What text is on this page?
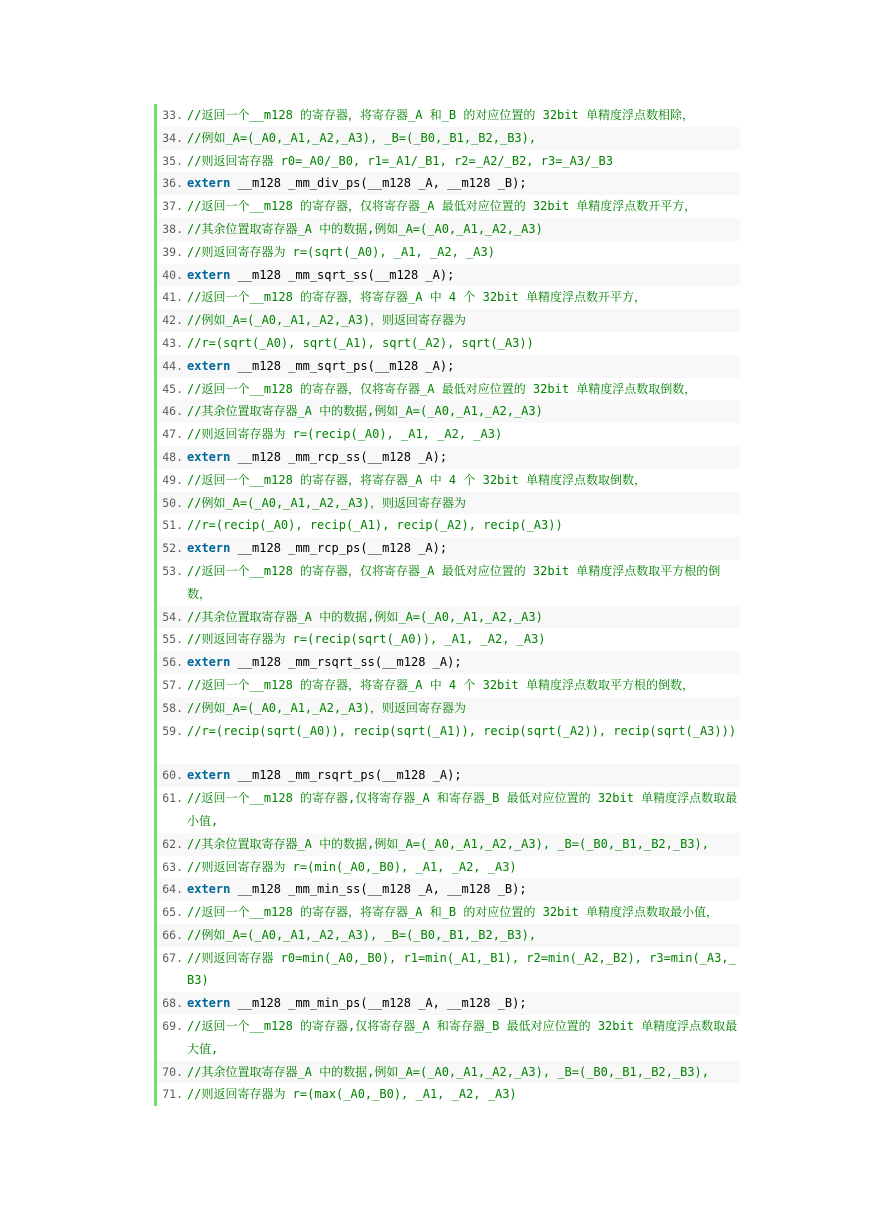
33. //返回一个__m128 的寄存器，将寄存器_A 和_B 的对应位置的 32bit 单精度浮点数相除，
34. //例如_A=(_A0,_A1,_A2,_A3), _B=(_B0,_B1,_B2,_B3),
35. //则返回寄存器 r0=_A0/_B0, r1=_A1/_B1, r2=_A2/_B2, r3=_A3/_B3
36. extern __m128 _mm_div_ps(__m128 _A, __m128 _B);
37. //返回一个__m128 的寄存器，仅将寄存器_A 最低对应位置的 32bit 单精度浮点数开平方，
38. //其余位置取寄存器_A 中的数据,例如_A=(_A0,_A1,_A2,_A3)
39. //则返回寄存器为 r=(sqrt(_A0), _A1, _A2, _A3)
40. extern __m128 _mm_sqrt_ss(__m128 _A);
41. //返回一个__m128 的寄存器，将寄存器_A 中 4 个 32bit 单精度浮点数开平方，
42. //例如_A=(_A0,_A1,_A2,_A3)，则返回寄存器为
43. //r=(sqrt(_A0), sqrt(_A1), sqrt(_A2), sqrt(_A3))
44. extern __m128 _mm_sqrt_ps(__m128 _A);
45. //返回一个__m128 的寄存器，仅将寄存器_A 最低对应位置的 32bit 单精度浮点数取倒数，
46. //其余位置取寄存器_A 中的数据,例如_A=(_A0,_A1,_A2,_A3)
47. //则返回寄存器为 r=(recip(_A0), _A1, _A2, _A3)
48. extern __m128 _mm_rcp_ss(__m128 _A);
49. //返回一个__m128 的寄存器，将寄存器_A 中 4 个 32bit 单精度浮点数取倒数，
50. //例如_A=(_A0,_A1,_A2,_A3)，则返回寄存器为
51. //r=(recip(_A0), recip(_A1), recip(_A2), recip(_A3))
52. extern __m128 _mm_rcp_ps(__m128 _A);
53. //返回一个__m128 的寄存器，仅将寄存器_A 最低对应位置的 32bit 单精度浮点数取平方根的倒数，
54. //其余位置取寄存器_A 中的数据,例如_A=(_A0,_A1,_A2,_A3)
55. //则返回寄存器为 r=(recip(sqrt(_A0)), _A1, _A2, _A3)
56. extern __m128 _mm_rsqrt_ss(__m128 _A);
57. //返回一个__m128 的寄存器，将寄存器_A 中 4 个 32bit 单精度浮点数取平方根的倒数，
58. //例如_A=(_A0,_A1,_A2,_A3)，则返回寄存器为
59. //r=(recip(sqrt(_A0)), recip(sqrt(_A1)), recip(sqrt(_A2)), recip(sqrt(_A3)))
60. extern __m128 _mm_rsqrt_ps(__m128 _A);
61. //返回一个__m128 的寄存器,仅将寄存器_A 和寄存器_B 最低对应位置的 32bit 单精度浮点数取最小值,
62. //其余位置取寄存器_A 中的数据,例如_A=(_A0,_A1,_A2,_A3), _B=(_B0,_B1,_B2,_B3),
63. //则返回寄存器为 r=(min(_A0,_B0), _A1, _A2, _A3)
64. extern __m128 _mm_min_ss(__m128 _A, __m128 _B);
65. //返回一个__m128 的寄存器，将寄存器_A 和_B 的对应位置的 32bit 单精度浮点数取最小值，
66. //例如_A=(_A0,_A1,_A2,_A3), _B=(_B0,_B1,_B2,_B3),
67. //则返回寄存器 r0=min(_A0,_B0), r1=min(_A1,_B1), r2=min(_A2,_B2), r3=min(_A3,_B3)
68. extern __m128 _mm_min_ps(__m128 _A, __m128 _B);
69. //返回一个__m128 的寄存器,仅将寄存器_A 和寄存器_B 最低对应位置的 32bit 单精度浮点数取最大值,
70. //其余位置取寄存器_A 中的数据,例如_A=(_A0,_A1,_A2,_A3), _B=(_B0,_B1,_B2,_B3),
71. //则返回寄存器为 r=(max(_A0,_B0), _A1, _A2, _A3)
